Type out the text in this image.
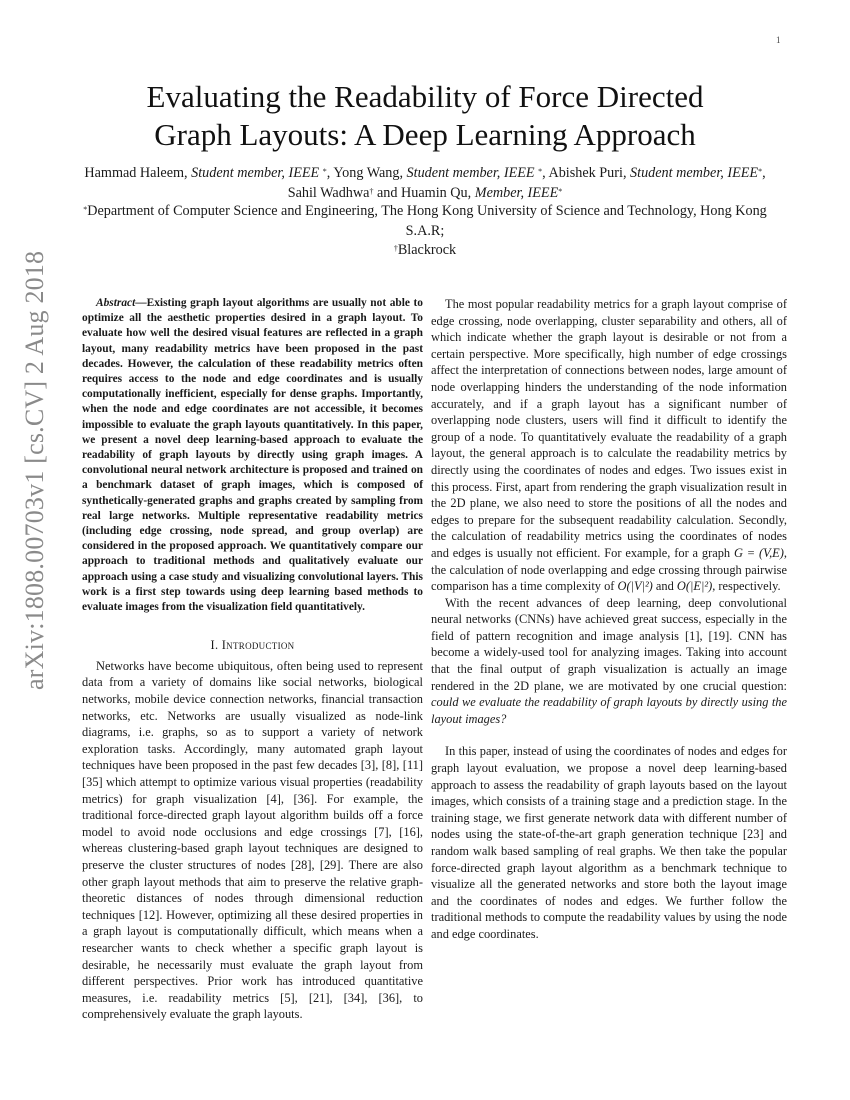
1
arXiv:1808.00703v1 [cs.CV] 2 Aug 2018
Evaluating the Readability of Force Directed
Graph Layouts: A Deep Learning Approach
Hammad Haleem, Student member, IEEE *, Yong Wang, Student member, IEEE *, Abishek Puri, Student member, IEEE*, Sahil Wadhwa† and Huamin Qu, Member, IEEE*
*Department of Computer Science and Engineering, The Hong Kong University of Science and Technology, Hong Kong S.A.R;
†Blackrock

Abstract—Existing graph layout algorithms are usually not able to optimize all the aesthetic properties desired in a graph layout. To evaluate how well the desired visual features are reflected in a graph layout, many readability metrics have been proposed in the past decades. However, the calculation of these readability metrics often requires access to the node and edge coordinates and is usually computationally inefficient, especially for dense graphs. Importantly, when the node and edge coordinates are not accessible, it becomes impossible to evaluate the graph layouts quantitatively. In this paper, we present a novel deep learning-based approach to evaluate the readability of graph layouts by directly using graph images. A convolutional neural network architecture is proposed and trained on a benchmark dataset of graph images, which is composed of synthetically-generated graphs and graphs created by sampling from real large networks. Multiple representative readability metrics (including edge crossing, node spread, and group overlap) are considered in the proposed approach. We quantitatively compare our approach to traditional methods and qualitatively evaluate our approach using a case study and visualizing convolutional layers. This work is a first step towards using deep learning based methods to evaluate images from the visualization field quantitatively.

I. Introduction

Networks have become ubiquitous, often being used to represent data from a variety of domains like social networks, biological networks, mobile device connection networks, financial transaction networks, etc. Networks are usually visualized as node-link diagrams, i.e. graphs, so as to support a variety of network exploration tasks. Accordingly, many automated graph layout techniques have been proposed in the past few decades [3], [8], [11] [35] which attempt to optimize various visual properties (readability metrics) for graph visualization [4], [36]. For example, the traditional force-directed graph layout algorithm builds off a force model to avoid node occlusions and edge crossings [7], [16], whereas clustering-based graph layout techniques are designed to preserve the cluster structures of nodes [28], [29]. There are also other graph layout methods that aim to preserve the relative graph-theoretic distances of nodes through dimensional reduction techniques [12]. However, optimizing all these desired properties in a graph layout is computationally difficult, which means when a researcher wants to check whether a specific graph layout is desirable, he necessarily must evaluate the graph layout from different perspectives. Prior work has introduced quantitative measures, i.e. readability metrics [5], [21], [34], [36], to comprehensively evaluate the graph layouts.

The most popular readability metrics for a graph layout comprise of edge crossing, node overlapping, cluster separability and others, all of which indicate whether the graph layout is desirable or not from a certain perspective. More specifically, high number of edge crossings affect the interpretation of connections between nodes, large amount of node overlapping hinders the understanding of the node information accurately, and if a graph layout has a significant number of overlapping node clusters, users will find it difficult to identify the group of a node. To quantitatively evaluate the readability of a graph layout, the general approach is to calculate the readability metrics by directly using the coordinates of nodes and edges. Two issues exist in this process. First, apart from rendering the graph visualization result in the 2D plane, we also need to store the positions of all the nodes and edges to prepare for the subsequent readability calculation. Secondly, the calculation of readability metrics using the coordinates of nodes and edges is usually not efficient. For example, for a graph G = (V,E), the calculation of node overlapping and edge crossing through pairwise comparison has a time complexity of O(|V|²) and O(|E|²), respectively.

With the recent advances of deep learning, deep convolutional neural networks (CNNs) have achieved great success, especially in the field of pattern recognition and image analysis [1], [19]. CNN has become a widely-used tool for analyzing images. Taking into account that the final output of graph visualization is actually an image rendered in the 2D plane, we are motivated by one crucial question: could we evaluate the readability of graph layouts by directly using the layout images?

In this paper, instead of using the coordinates of nodes and edges for graph layout evaluation, we propose a novel deep learning-based approach to assess the readability of graph layouts based on the layout images, which consists of a training stage and a prediction stage. In the training stage, we first generate network data with different number of nodes using the state-of-the-art graph generation technique [23] and random walk based sampling of real graphs. We then take the popular force-directed graph layout algorithm as a benchmark technique to visualize all the generated networks and store both the layout image and the coordinates of nodes and edges. We further follow the traditional methods to compute the readability values by using the node and edge coordinates.
